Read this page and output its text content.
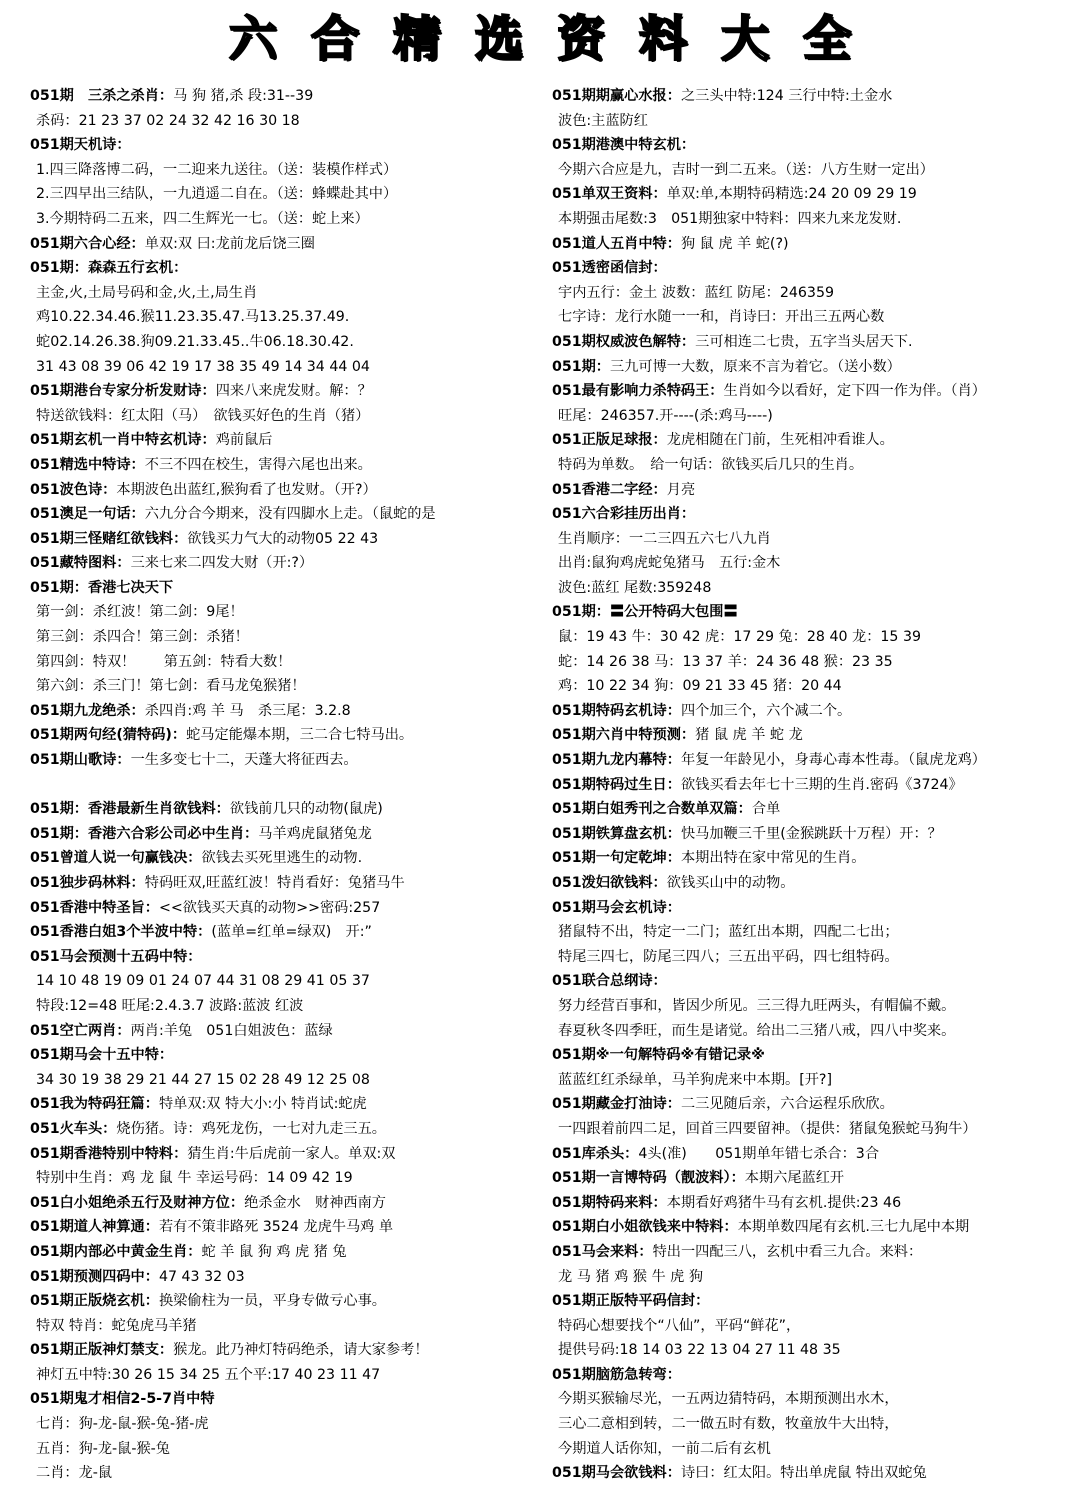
六合精选资料大全
051期　三杀之杀肖：马 狗 猪,杀 段:31--39
杀码：21 23 37 02 24 32 42 16 30 18
051期天机诗：
1.四三降落博二码，一二迎来九送往。（送：装模作样式）
2.三四早出三结队，一九逍遥二自在。（送：蜂蝶赴其中）
3.今期特码二五来，四二生辉光一七。（送：蛇上来）
051期六合心经：单双:双 曰:龙前龙后饶三圈
051期：森森五行玄机：
主金,火,土局号码和金,火,土,局生肖
鸡10.22.34.46.猴11.23.35.47.马13.25.37.49.
蛇02.14.26.38.狗09.21.33.45..牛06.18.30.42.
31 43 08 39 06 42 19 17 38 35 49 14 34 44 04
051期港台专家分析发财诗：四来八来虎发财。解：？
特送欲钱料：红太阳（马）　欲钱买好色的生肖（猪）
051期玄机一肖中特玄机诗：鸡前鼠后
051精选中特诗：不三不四在校生，害得六尾也出来。
051波色诗：本期波色出蓝红,猴狗看了也发财。（开?）
051澳足一句话：六九分合今期来，没有四脚水上走。（鼠蛇的是
051期三怪赌红欲钱料：欲钱买力气大的动物05 22 43
051藏特图料：三来七来二四发大财（开:?）
051期：香港七决天下
第一剑：杀红波！第二剑：9尾！
第三剑：杀四合！第三剑：杀猪！
第四剑：特双！　　第五剑：特看大数！
第六剑：杀三门！第七剑：看马龙兔猴猪！
051期九龙绝杀：杀四肖:鸡 羊 马　杀三尾：3.2.8
051期两句经(猜特码)：蛇马定能爆本期，三二合七特马出。
051期山歌诗：一生多变七十二，天蓬大将征西去。
051期：香港最新生肖欲钱料：欲钱前几只的动物(鼠虎)
051期：香港六合彩公司必中生肖：马羊鸡虎鼠猪兔龙
051曾道人说一句赢钱决：欲钱去买死里逃生的动物.
051独步码林料：特码旺双,旺蓝红波！特肖看好：兔猪马牛
051香港中特圣旨：<<欲钱买天真的动物>>密码:257
051香港白姐3个半波中特：(蓝单=红单=绿双)　开:”
051马会预测十五码中特：
14 10 48 19 09 01 24 07 44 31 08 29 41 05 37
特段:12=48 旺尾:2.4.3.7 波路:蓝波 红波
051空亡两肖：两肖:羊兔　051白姐波色：蓝绿
051期马会十五中特：
34 30 19 38 29 21 44 27 15 02 28 49 12 25 08
051我为特码狂篇：特单双:双 特大小:小 特肖试:蛇虎
051火车头：烧伤猪。诗：鸡死龙伤，一七对九走三五。
051期香港特别中特料：猜生肖:牛后虎前一家人。单双:双
特别中生肖：鸡 龙 鼠 牛 幸运号码：14 09 42 19
051白小姐绝杀五行及财神方位：绝杀金水　财神西南方
051期道人神算通：若有不策非路死 3524 龙虎牛马鸡 单
051期内部必中黄金生肖：蛇 羊 鼠 狗 鸡 虎 猪 兔
051期预测四码中：47 43 32 03
051期正版烧玄机：换梁偷柱为一员，平身专做亏心事。
特双 特肖：蛇兔虎马羊猪
051期正版神灯禁支：猴龙。此乃神灯特码绝杀，请大家参考！
神灯五中特:30 26 15 34 25 五个平:17 40 23 11 47
051期鬼才相信2-5-7肖中特
七肖：狗-龙-鼠-猴-兔-猪-虎
五肖：狗-龙-鼠-猴-兔
二肖：龙-鼠
051期期赢心水报：之三头中特:124 三行中特:土金水
波色:主蓝防红
051期港澳中特玄机：
今期六合应是九，吉时一到二五来。（送：八方生财一定出）
051单双王资料：单双:单,本期特码精选:24 20 09 29 19
本期强击尾数:3　051期独家中特料：四来九来龙发财.
051道人五肖中特：狗 鼠 虎 羊 蛇(?)
051透密函信封：
宇内五行：金土 波数：蓝红 防尾：246359
七字诗：龙行水随一一和，肖诗曰：开出三五两心数
051期权威波色解特：三可相连二七贵，五字当头居天下.
051期：三九可博一大数，原来不言为着它。（送小数）
051最有影响力杀特码王：生肖如今以看好，定下四一作为伴。（肖）
旺尾：246357.开----(杀:鸡马----)
051正版足球报：龙虎相随在门前，生死相冲看谁人。
特码为单数。　给一句话：欲钱买后几只的生肖。
051香港二字经：月亮
051六合彩挂历出肖：
生肖顺序：一二三四五六七八九肖
出肖:鼠狗鸡虎蛇兔猪马　五行:金木
波色:蓝红 尾数:359248
051期：〓公开特码大包围〓
鼠：19 43 牛：30 42 虎：17 29 兔：28 40 龙：15 39
蛇：14 26 38 马：13 37 羊：24 36 48 猴：23 35
鸡：10 22 34 狗：09 21 33 45 猪：20 44
051期特码玄机诗：四个加三个，六个减二个。
051期六肖中特预测：猪 鼠 虎 羊 蛇 龙
051期九龙内幕特：年复一年龄见小，身毒心毒本性毒。（鼠虎龙鸡）
051期特码过生日：欲钱买看去年七十三期的生肖.密码《3724》
051期白姐秀刊之合数单双篇：合单
051期铁算盘玄机：快马加鞭三千里(金猴跳跃十万程）开：？
051期一句定乾坤：本期出特在家中常见的生肖。
051泼妇欲钱料：欲钱买山中的动物。
051期马会玄机诗：
猪鼠特不出，特定一二门；蓝红出本期，四配二七出；
特尾三四七，防尾三四八；三五出平码，四七组特码。
051联合总纲诗：
努力经营百事和，皆因少所见。三三得九旺两头，有帽偏不戴。
春夏秋冬四季旺，而生是诸觉。给出二三猪八戒，四八中奖来。
051期※一句解特码※有错记录※
蓝蓝红红杀绿单，马羊狗虎来中本期。[开?]
051期藏金打油诗：二三见随后亲，六合运程乐欣欣。
一四跟着前四二足，回首三四要留神。（提供：猪鼠兔猴蛇马狗牛）
051库杀头：4头(准)　　051期单年错七杀合：3合
051期一言博特码（靓波料）：本期六尾蓝红开
051期特码来料：本期看好鸡猪牛马有玄机.提供:23 46
051期白小姐欲钱来中特料：本期单数四尾有玄机.三七九尾中本期
051马会来料：特出一四配三八，玄机中看三九合。来料：
龙 马 猪 鸡 猴 牛 虎 狗
051期正版特平码信封：
特码心想要找个“八仙”，平码“鲜花”，
提供号码:18 14 03 22 13 04 27 11 48 35
051期脑筋急转弯：
今期买猴输尽光，一五两边猜特码，本期预测出水木，
三心二意相到转，二一做五时有数，牧童放牛大出特，
今期道人话你知，一前二后有玄机
051期马会欲钱料：诗曰：红太阳。特出单虎鼠 特出双蛇兔
